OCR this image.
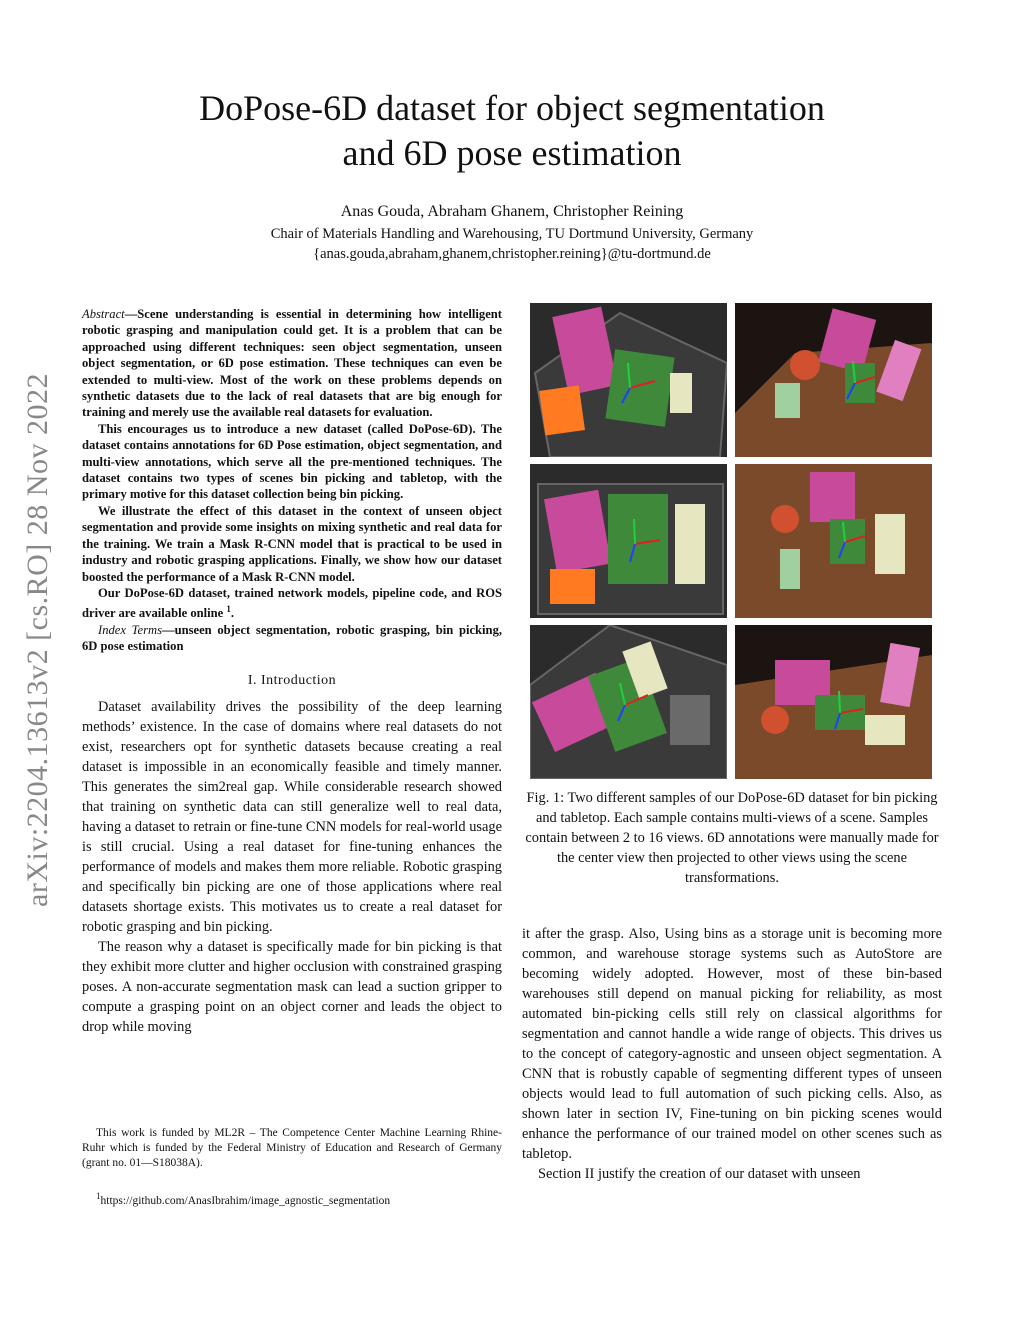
DoPose-6D dataset for object segmentation
and 6D pose estimation
Anas Gouda, Abraham Ghanem, Christopher Reining
Chair of Materials Handling and Warehousing, TU Dortmund University, Germany
{anas.gouda,abraham,ghanem,christopher.reining}@tu-dortmund.de
arXiv:2204.13613v2 [cs.RO] 28 Nov 2022

Abstract—Scene understanding is essential in determining how intelligent robotic grasping and manipulation could get. It is a problem that can be approached using different techniques: seen object segmentation, unseen object segmentation, or 6D pose estimation. These techniques can even be extended to multi-view. Most of the work on these problems depends on synthetic datasets due to the lack of real datasets that are big enough for training and merely use the available real datasets for evaluation.

This encourages us to introduce a new dataset (called DoPose-6D). The dataset contains annotations for 6D Pose estimation, object segmentation, and multi-view annotations, which serve all the pre-mentioned techniques. The dataset contains two types of scenes bin picking and tabletop, with the primary motive for this dataset collection being bin picking.

We illustrate the effect of this dataset in the context of unseen object segmentation and provide some insights on mixing synthetic and real data for the training. We train a Mask R-CNN model that is practical to be used in industry and robotic grasping applications. Finally, we show how our dataset boosted the performance of a Mask R-CNN model.

Our DoPose-6D dataset, trained network models, pipeline code, and ROS driver are available online $^1$.

Index Terms—unseen object segmentation, robotic grasping, bin picking, 6D pose estimation

I. Introduction

Dataset availability drives the possibility of the deep learning methods’ existence. In the case of domains where real datasets do not exist, researchers opt for synthetic datasets because creating a real dataset is impossible in an economically feasible and timely manner. This generates the sim2real gap. While considerable research showed that training on synthetic data can still generalize well to real data, having a dataset to retrain or fine-tune CNN models for real-world usage is still crucial. Using a real dataset for fine-tuning enhances the performance of models and makes them more reliable. Robotic grasping and specifically bin picking are one of those applications where real datasets shortage exists. This motivates us to create a real dataset for robotic grasping and bin picking.

The reason why a dataset is specifically made for bin picking is that they exhibit more clutter and higher occlusion with constrained grasping poses. A non-accurate segmentation mask can lead a suction gripper to compute a grasping point on an object corner and leads the object to drop while moving

This work is funded by ML2R – The Competence Center Machine Learning Rhine-Ruhr which is funded by the Federal Ministry of Education and Research of Germany (grant no. 01—S18038A).

$^1$https://github.com/AnasIbrahim/image_agnostic_segmentation

Fig. 1: Two different samples of our DoPose-6D dataset for bin picking and tabletop. Each sample contains multi-views of a scene. Samples contain between 2 to 16 views. 6D annotations were manually made for the center view then projected to other views using the scene transformations.

it after the grasp. Also, Using bins as a storage unit is becoming more common, and warehouse storage systems such as AutoStore are becoming widely adopted. However, most of these bin-based warehouses still depend on manual picking for reliability, as most automated bin-picking cells still rely on classical algorithms for segmentation and cannot handle a wide range of objects. This drives us to the concept of category-agnostic and unseen object segmentation. A CNN that is robustly capable of segmenting different types of unseen objects would lead to full automation of such picking cells. Also, as shown later in section IV, Fine-tuning on bin picking scenes would enhance the performance of our trained model on other scenes such as tabletop.

Section II justify the creation of our dataset with unseen
